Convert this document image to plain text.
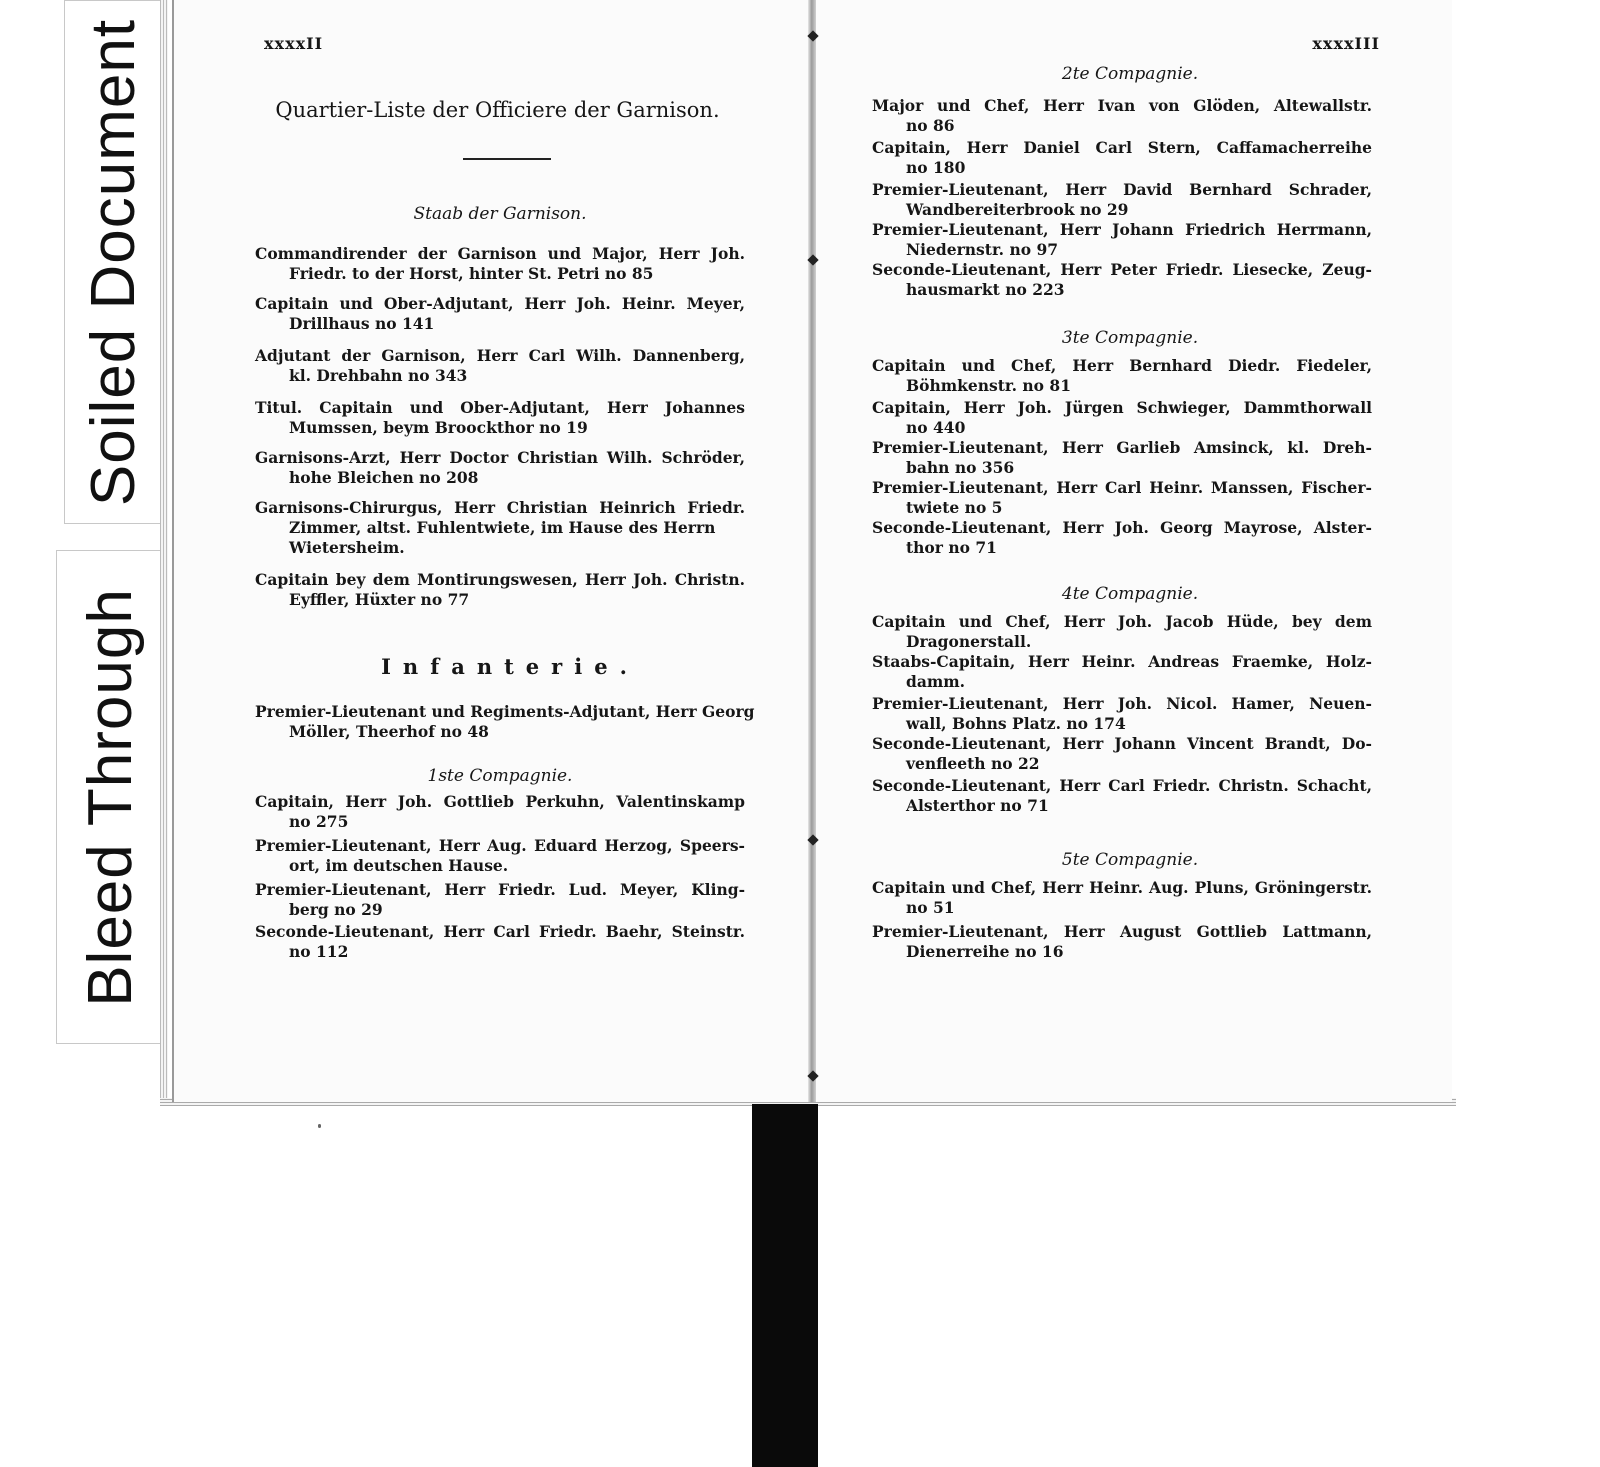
Soiled Document
Bleed Through
xxxxII	xxxxIII
Quartier-Liste der Officiere der Garnison.
Staab der Garnison.
Commandirender der Garnison und Major, Herr Joh.
Friedr. to der Horst, hinter St. Petri no 85
Capitain und Ober-Adjutant, Herr Joh. Heinr. Meyer,
Drillhaus no 141
Adjutant der Garnison, Herr Carl Wilh. Dannenberg,
kl. Drehbahn no 343
Titul. Capitain und Ober-Adjutant, Herr Johannes
Mumssen, beym Broockthor no 19
Garnisons-Arzt, Herr Doctor Christian Wilh. Schröder,
hohe Bleichen no 208
Garnisons-Chirurgus, Herr Christian Heinrich Friedr.
Zimmer, altst. Fuhlentwiete, im Hause des Herrn
Wietersheim.
Capitain bey dem Montirungswesen, Herr Joh. Christn.
Eyffler, Hüxter no 77
Infanterie.
Premier-Lieutenant und Regiments-Adjutant, Herr Georg
Möller, Theerhof no 48
1ste Compagnie.
Capitain, Herr Joh. Gottlieb Perkuhn, Valentinskamp
no 275
Premier-Lieutenant, Herr Aug. Eduard Herzog, Speers-
ort, im deutschen Hause.
Premier-Lieutenant, Herr Friedr. Lud. Meyer, Kling-
berg no 29
Seconde-Lieutenant, Herr Carl Friedr. Baehr, Steinstr.
no 112
2te Compagnie.
Major und Chef, Herr Ivan von Glöden, Altewallstr.
no 86
Capitain, Herr Daniel Carl Stern, Caffamacherreihe
no 180
Premier-Lieutenant, Herr David Bernhard Schrader,
Wandbereiterbrook no 29
Premier-Lieutenant, Herr Johann Friedrich Herrmann,
Niedernstr. no 97
Seconde-Lieutenant, Herr Peter Friedr. Liesecke, Zeug-
hausmarkt no 223
3te Compagnie.
Capitain und Chef, Herr Bernhard Diedr. Fiedeler,
Böhmkenstr. no 81
Capitain, Herr Joh. Jürgen Schwieger, Dammthorwall
no 440
Premier-Lieutenant, Herr Garlieb Amsinck, kl. Dreh-
bahn no 356
Premier-Lieutenant, Herr Carl Heinr. Manssen, Fischer-
twiete no 5
Seconde-Lieutenant, Herr Joh. Georg Mayrose, Alster-
thor no 71
4te Compagnie.
Capitain und Chef, Herr Joh. Jacob Hüde, bey dem
Dragonerstall.
Staabs-Capitain, Herr Heinr. Andreas Fraemke, Holz-
damm.
Premier-Lieutenant, Herr Joh. Nicol. Hamer, Neuen-
wall, Bohns Platz. no 174
Seconde-Lieutenant, Herr Johann Vincent Brandt, Do-
venfleeth no 22
Seconde-Lieutenant, Herr Carl Friedr. Christn. Schacht,
Alsterthor no 71
5te Compagnie.
Capitain und Chef, Herr Heinr. Aug. Pluns, Gröningerstr.
no 51
Premier-Lieutenant, Herr August Gottlieb Lattmann,
Dienerreihe no 16
